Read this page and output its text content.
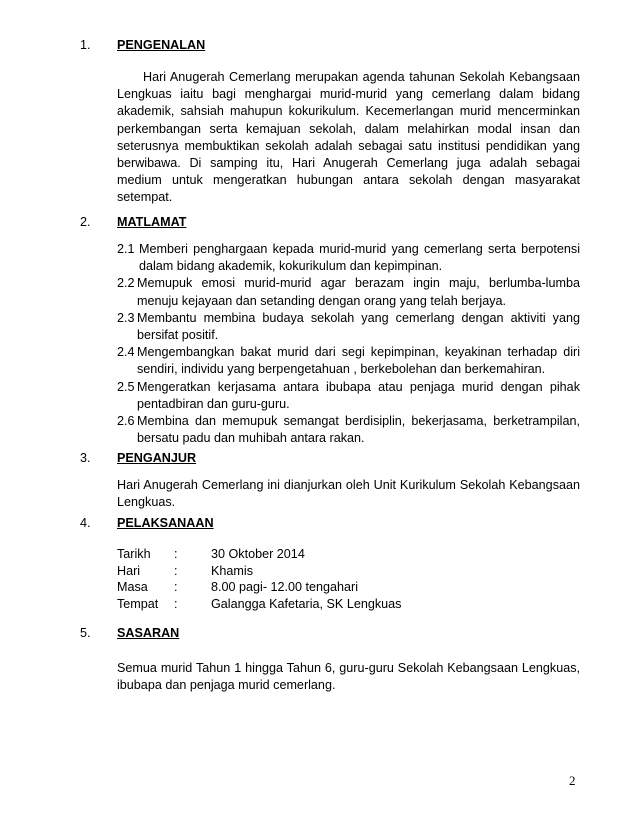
1. PENGENALAN

Hari Anugerah Cemerlang merupakan agenda tahunan Sekolah Kebangsaan Lengkuas iaitu bagi menghargai murid-murid yang cemerlang dalam bidang akademik, sahsiah mahupun kokurikulum. Kecemerlangan murid mencerminkan perkembangan serta kemajuan sekolah, dalam melahirkan modal insan dan seterusnya membuktikan sekolah adalah sebagai satu institusi pendidikan yang berwibawa. Di samping itu, Hari Anugerah Cemerlang juga adalah sebagai medium untuk mengeratkan hubungan antara sekolah dengan masyarakat setempat.

2. MATLAMAT
2.1 Memberi penghargaan kepada murid-murid yang cemerlang serta berpotensi dalam bidang akademik, kokurikulum dan kepimpinan.
2.2 Memupuk emosi murid-murid agar berazam ingin maju, berlumba-lumba menuju kejayaan dan setanding dengan orang yang telah berjaya.
2.3 Membantu membina budaya sekolah yang cemerlang dengan aktiviti yang bersifat positif.
2.4 Mengembangkan bakat murid dari segi kepimpinan, keyakinan terhadap diri sendiri, individu yang berpengetahuan , berkebolehan dan berkemahiran.
2.5 Mengeratkan kerjasama antara ibubapa atau penjaga murid dengan pihak pentadbiran dan guru-guru.
2.6 Membina dan memupuk semangat berdisiplin, bekerjasama, berketrampilan, bersatu padu dan muhibah antara rakan.
3. PENGANJUR
Hari Anugerah Cemerlang ini dianjurkan oleh Unit Kurikulum Sekolah Kebangsaan Lengkuas.
4. PELAKSANAAN
Tarikh	:	30 Oktober 2014
Hari	:	Khamis
Masa	:	8.00 pagi- 12.00 tengahari
Tempat	:	Galangga Kafetaria, SK Lengkuas
5. SASARAN
Semua murid Tahun 1 hingga Tahun 6, guru-guru Sekolah Kebangsaan Lengkuas, ibubapa dan penjaga murid cemerlang.
2
